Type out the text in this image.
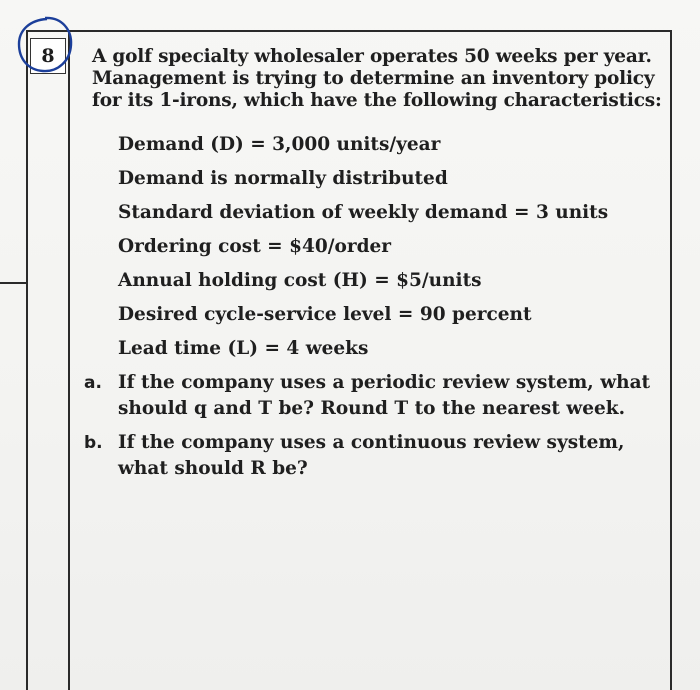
8	A golf specialty wholesaler operates 50 weeks per year.
Management is trying to determine an inventory policy
for its 1-irons, which have the following characteristics:
Demand (D) = 3,000 units/year
Demand is normally distributed
Standard deviation of weekly demand = 3 units
Ordering cost = $40/order
Annual holding cost (H) = $5/units
Desired cycle-service level = 90 percent
Lead time (L) = 4 weeks
a. If the company uses a periodic review system, what
should q and T be? Round T to the nearest week.
b. If the company uses a continuous review system,
what should R be?
